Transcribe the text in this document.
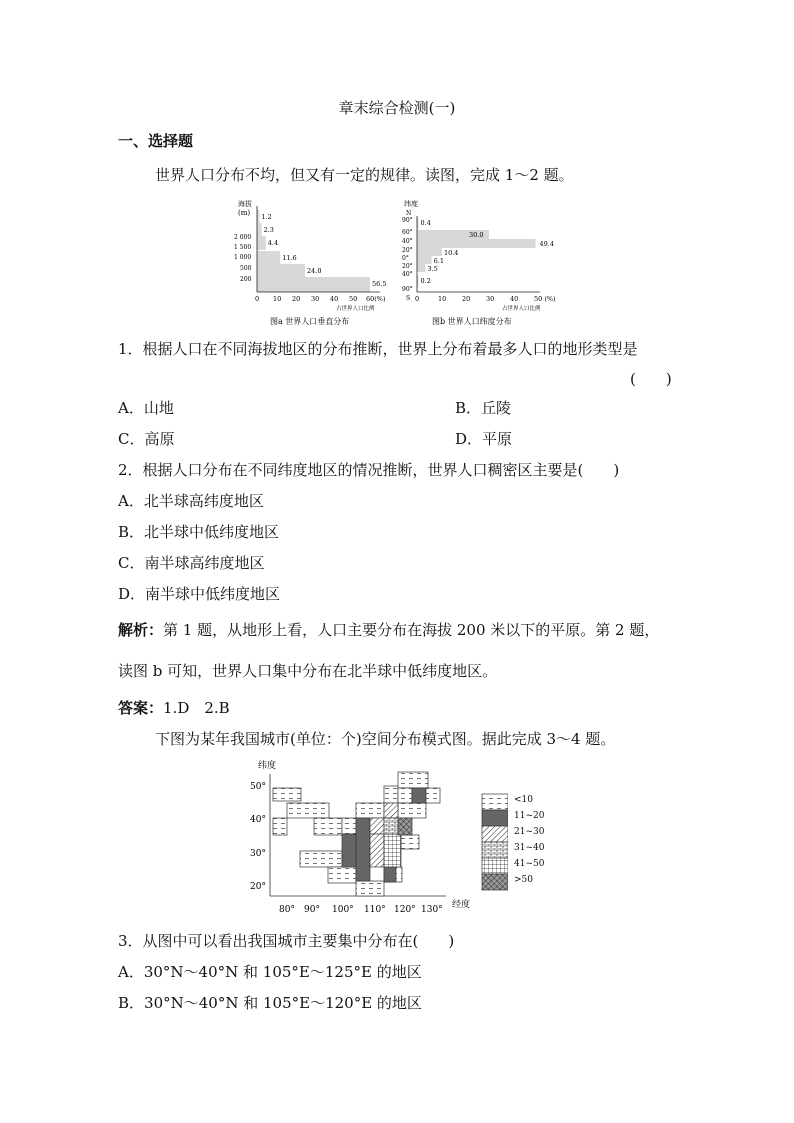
章末综合检测(一)
一、选择题
世界人口分布不均，但又有一定的规律。读图，完成 1～2 题。
海拔
(m) 1.2
2.3
4.4
11.6
24.0
56.5
2 000
1 500
1 000
500
200
0 10 20 30 40 50 60(%)
占世界人口比例
图a 世界人口垂直分布
纬度
N
0.4
30.0
49.4
10.4
6.1
3.5
0.2
90°
60°
40°
20°
0°
20°
40°
90°
S 0	10 20 30 40 50 (%)
占世界人口比例
图b 世界人口纬度分布
1．根据人口在不同海拔地区的分布推断，世界上分布着最多人口的地形类型是
(　　)
A．山地	B．丘陵
C．高原	D．平原
2．根据人口分布在不同纬度地区的情况推断，世界人口稠密区主要是(　　)
A．北半球高纬度地区
B．北半球中低纬度地区
C．南半球高纬度地区
D．南半球中低纬度地区
解析：第 1 题，从地形上看，人口主要分布在海拔 200 米以下的平原。第 2 题，
读图 b 可知，世界人口集中分布在北半球中低纬度地区。
答案：1.D　2.B
下图为某年我国城市(单位：个)空间分布模式图。据此完成 3～4 题。
纬度
50°
40°
30°
20°
80° 90° 100° 110° 120° 130° 经度
<10
11~20
21~30
31~40
41~50
>50
3．从图中可以看出我国城市主要集中分布在(　　)
A．30°N～40°N 和 105°E～125°E 的地区
B．30°N～40°N 和 105°E～120°E 的地区
